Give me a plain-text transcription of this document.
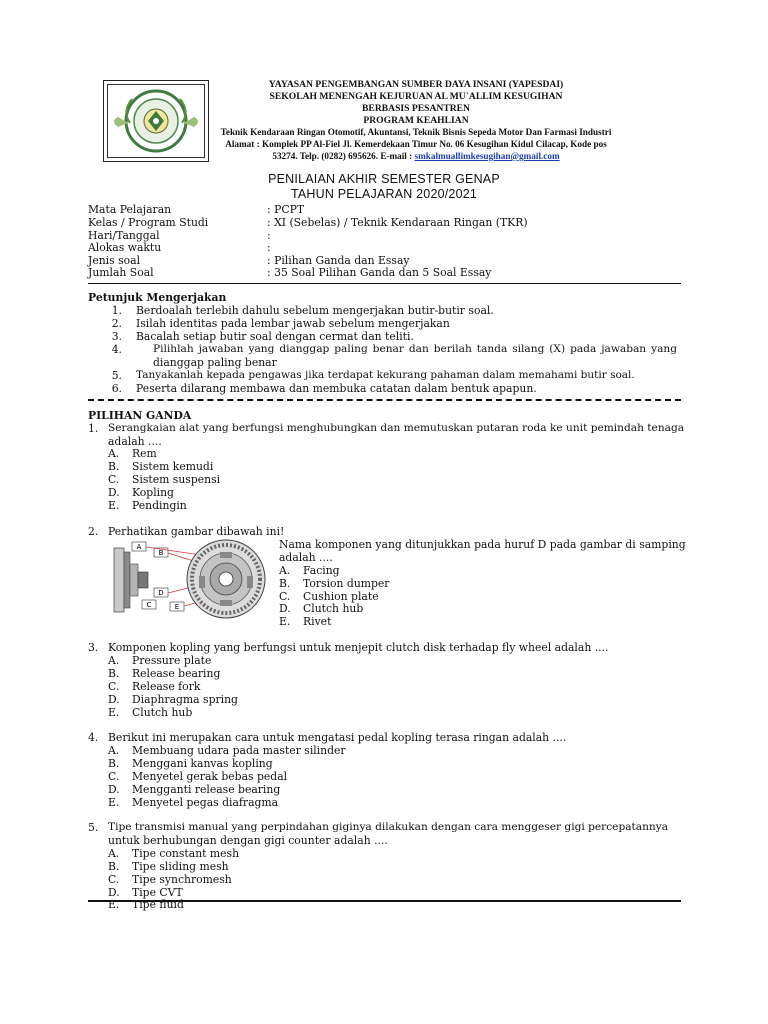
YAYASAN PENGEMBANGAN SUMBER DAYA INSANI (YAPESDAI)
SEKOLAH MENENGAH KEJURUAN AL MU`ALLIM KESUGIHAN
BERBASIS PESANTREN
PROGRAM KEAHLIAN
Teknik Kendaraan Ringan Otomotif, Akuntansi, Teknik Bisnis Sepeda Motor Dan Farmasi Industri
Alamat : Komplek PP Al-Fiel Jl. Kemerdekaan Timur No. 06 Kesugihan Kidul Cilacap, Kode pos
53274. Telp. (0282) 695626. E-mail : smkalmuallimkesugihan@gmail.com
PENILAIAN AKHIR SEMESTER GENAP
TAHUN PELAJARAN 2020/2021
Mata Pelajaran	: PCPT
Kelas / Program Studi	: XI (Sebelas) / Teknik Kendaraan Ringan (TKR)
Hari/Tanggal	:
Alokas waktu	:
Jenis soal	: Pilihan Ganda dan Essay
Jumlah Soal	: 35 Soal Pilihan Ganda dan 5 Soal Essay
Petunjuk Mengerjakan
1. Berdoalah terlebih dahulu sebelum mengerjakan butir-butir soal.
2. Isilah identitas pada lembar jawab sebelum mengerjakan
3. Bacalah setiap butir soal dengan cermat dan teliti.
4.	Pilihlah jawaban yang dianggap paling benar dan berilah tanda silang (X) pada jawaban yang
dianggap paling benar
5. Tanyakanlah kepada pengawas jika terdapat kekurang pahaman dalam memahami butir soal.
6. Peserta dilarang membawa dan membuka catatan dalam bentuk apapun.
PILIHAN GANDA
1. Serangkaian alat yang berfungsi menghubungkan dan memutuskan putaran roda ke unit pemindah tenaga
adalah ....
A. Rem
B. Sistem kemudi
C. Sistem suspensi
D. Kopling
E. Pendingin
2. Perhatikan gambar dibawah ini!
A
B
C
D
E
Nama komponen yang ditunjukkan pada huruf D pada gambar di samping
adalah ....
A. Facing
B. Torsion dumper
C. Cushion plate
D. Clutch hub
E. Rivet
3. Komponen kopling yang berfungsi untuk menjepit clutch disk terhadap fly wheel adalah ....
A. Pressure plate
B. Release bearing
C. Release fork
D. Diaphragma spring
E. Clutch hub
4. Berikut ini merupakan cara untuk mengatasi pedal kopling terasa ringan adalah ....
A. Membuang udara pada master silinder
B. Menggani kanvas kopling
C. Menyetel gerak bebas pedal
D. Mengganti release bearing
E. Menyetel pegas diafragma
5. Tipe transmisi manual yang perpindahan giginya dilakukan dengan cara menggeser gigi percepatannya
untuk berhubungan dengan gigi counter adalah ....
A. Tipe constant mesh
B. Tipe sliding mesh
C. Tipe synchromesh
D. Tipe CVT
E. Tipe fluid
